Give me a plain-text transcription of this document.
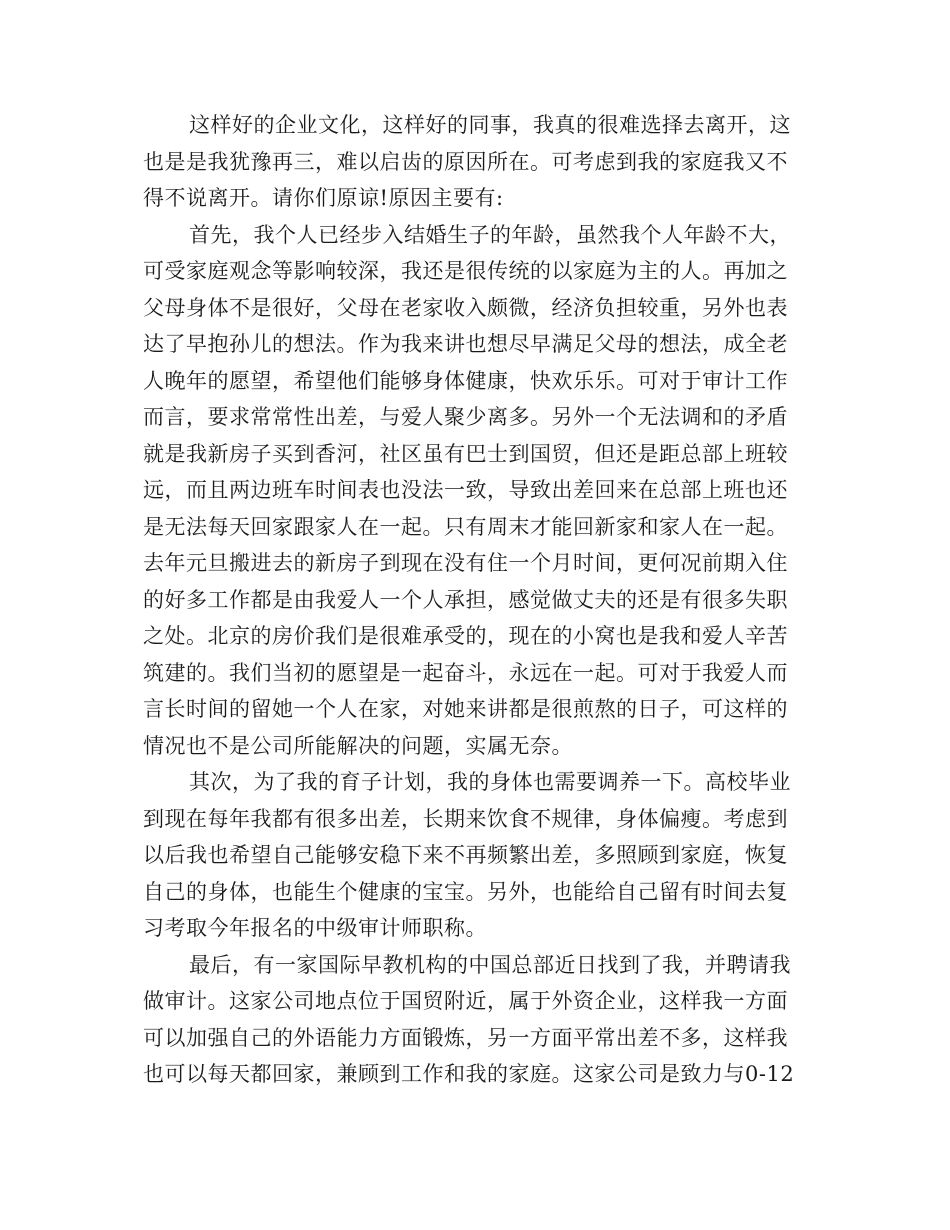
这样好的企业文化，这样好的同事，我真的很难选择去离开，这
也是是我犹豫再三，难以启齿的原因所在。可考虑到我的家庭我又不
得不说离开。请你们原谅!原因主要有:
首先，我个人已经步入结婚生子的年龄，虽然我个人年龄不大，
可受家庭观念等影响较深，我还是很传统的以家庭为主的人。再加之
父母身体不是很好，父母在老家收入颇微，经济负担较重，另外也表
达了早抱孙儿的想法。作为我来讲也想尽早满足父母的想法，成全老
人晚年的愿望，希望他们能够身体健康，快欢乐乐。可对于审计工作
而言，要求常常性出差，与爱人聚少离多。另外一个无法调和的矛盾
就是我新房子买到香河，社区虽有巴士到国贸，但还是距总部上班较
远，而且两边班车时间表也没法一致，导致出差回来在总部上班也还
是无法每天回家跟家人在一起。只有周末才能回新家和家人在一起。
去年元旦搬进去的新房子到现在没有住一个月时间，更何况前期入住
的好多工作都是由我爱人一个人承担，感觉做丈夫的还是有很多失职
之处。北京的房价我们是很难承受的，现在的小窝也是我和爱人辛苦
筑建的。我们当初的愿望是一起奋斗，永远在一起。可对于我爱人而
言长时间的留她一个人在家，对她来讲都是很煎熬的日子，可这样的
情况也不是公司所能解决的问题，实属无奈。
其次，为了我的育子计划，我的身体也需要调养一下。高校毕业
到现在每年我都有很多出差，长期来饮食不规律，身体偏瘦。考虑到
以后我也希望自己能够安稳下来不再频繁出差，多照顾到家庭，恢复
自己的身体，也能生个健康的宝宝。另外，也能给自己留有时间去复
习考取今年报名的中级审计师职称。
最后，有一家国际早教机构的中国总部近日找到了我，并聘请我
做审计。这家公司地点位于国贸附近，属于外资企业，这样我一方面
可以加强自己的外语能力方面锻炼，另一方面平常出差不多，这样我
也可以每天都回家，兼顾到工作和我的家庭。这家公司是致力与0-12
